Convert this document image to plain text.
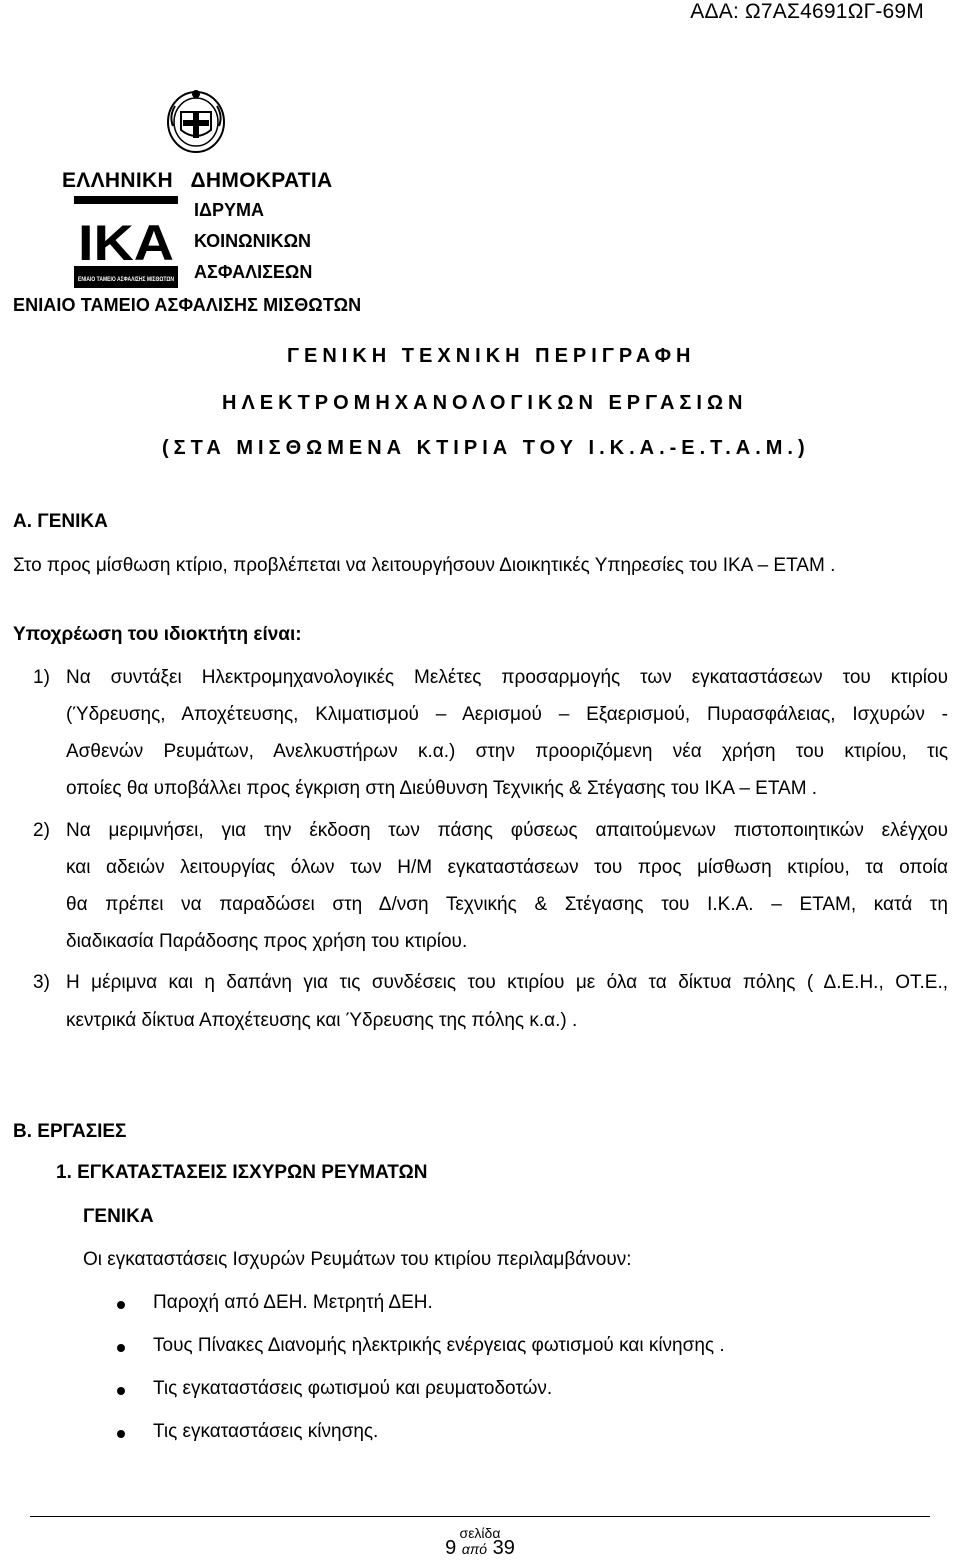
ΑΔΑ: Ω7ΑΣ4691ΩΓ-69Μ
ΕΛΛΗΝΙΚΗ   ΔΗΜΟΚΡΑΤΙΑ
ΙΚΑ
ΕΝΙΑΙΟ ΤΑΜΕΙΟ ΑΣΦΑΛΙΣΗΣ ΜΙΣΘΩΤΩΝ
ΙΔΡΥΜΑ
ΚΟΙΝΩΝΙΚΩΝ
ΑΣΦΑΛΙΣΕΩΝ
ΕΝΙΑΙΟ ΤΑΜΕΙΟ ΑΣΦΑΛΙΣΗΣ ΜΙΣΘΩΤΩΝ
ΓΕΝΙΚΗ ΤΕΧΝΙΚΗ ΠΕΡΙΓΡΑΦΗ
ΗΛΕΚΤΡΟΜΗΧΑΝΟΛΟΓΙΚΩΝ ΕΡΓΑΣΙΩΝ
(ΣΤΑ ΜΙΣΘΩΜΕΝΑ ΚΤΙΡΙΑ ΤΟΥ Ι.Κ.Α.-Ε.Τ.Α.Μ.)
Α. ΓΕΝΙΚΑ
Στο προς μίσθωση κτίριο, προβλέπεται να λειτουργήσουν Διοικητικές Υπηρεσίες του ΙΚΑ – ΕΤΑΜ .
Υποχρέωση του ιδιοκτήτη είναι:
1) Να συντάξει Ηλεκτρομηχανολογικές Μελέτες προσαρμογής των εγκαταστάσεων του κτιρίου
(Ύδρευσης, Αποχέτευσης, Κλιματισμού – Αερισμού – Εξαερισμού, Πυρασφάλειας, Ισχυρών -
Ασθενών Ρευμάτων, Ανελκυστήρων κ.α.) στην προοριζόμενη νέα χρήση του κτιρίου, τις
οποίες θα υποβάλλει προς έγκριση στη Διεύθυνση Τεχνικής & Στέγασης του ΙΚΑ – ΕΤΑΜ .
2) Να μεριμνήσει, για την έκδοση των πάσης φύσεως απαιτούμενων πιστοποιητικών ελέγχου
και αδειών λειτουργίας όλων των Η/Μ εγκαταστάσεων του προς μίσθωση κτιρίου, τα οποία
θα πρέπει να παραδώσει στη Δ/νση Τεχνικής & Στέγασης του Ι.Κ.Α. – ΕΤΑΜ, κατά τη
διαδικασία Παράδοσης προς χρήση του κτιρίου.
3) Η μέριμνα και η δαπάνη για τις συνδέσεις του κτιρίου με όλα τα δίκτυα πόλης ( Δ.Ε.Η., ΟΤ.Ε.,
κεντρικά δίκτυα Αποχέτευσης και Ύδρευσης της πόλης κ.α.) .
Β. ΕΡΓΑΣΙΕΣ
1. ΕΓΚΑΤΑΣΤΑΣΕΙΣ ΙΣΧΥΡΩΝ ΡΕΥΜΑΤΩΝ
ΓΕΝΙΚΑ
Οι εγκαταστάσεις Ισχυρών Ρευμάτων του κτιρίου περιλαμβάνουν:
Παροχή από ΔΕΗ. Μετρητή ΔΕΗ.
Τους Πίνακες Διανομής ηλεκτρικής ενέργειας φωτισμού και κίνησης .
Τις εγκαταστάσεις φωτισμού και ρευματοδοτών.
Τις εγκαταστάσεις κίνησης.
σελίδα
9 από 39
